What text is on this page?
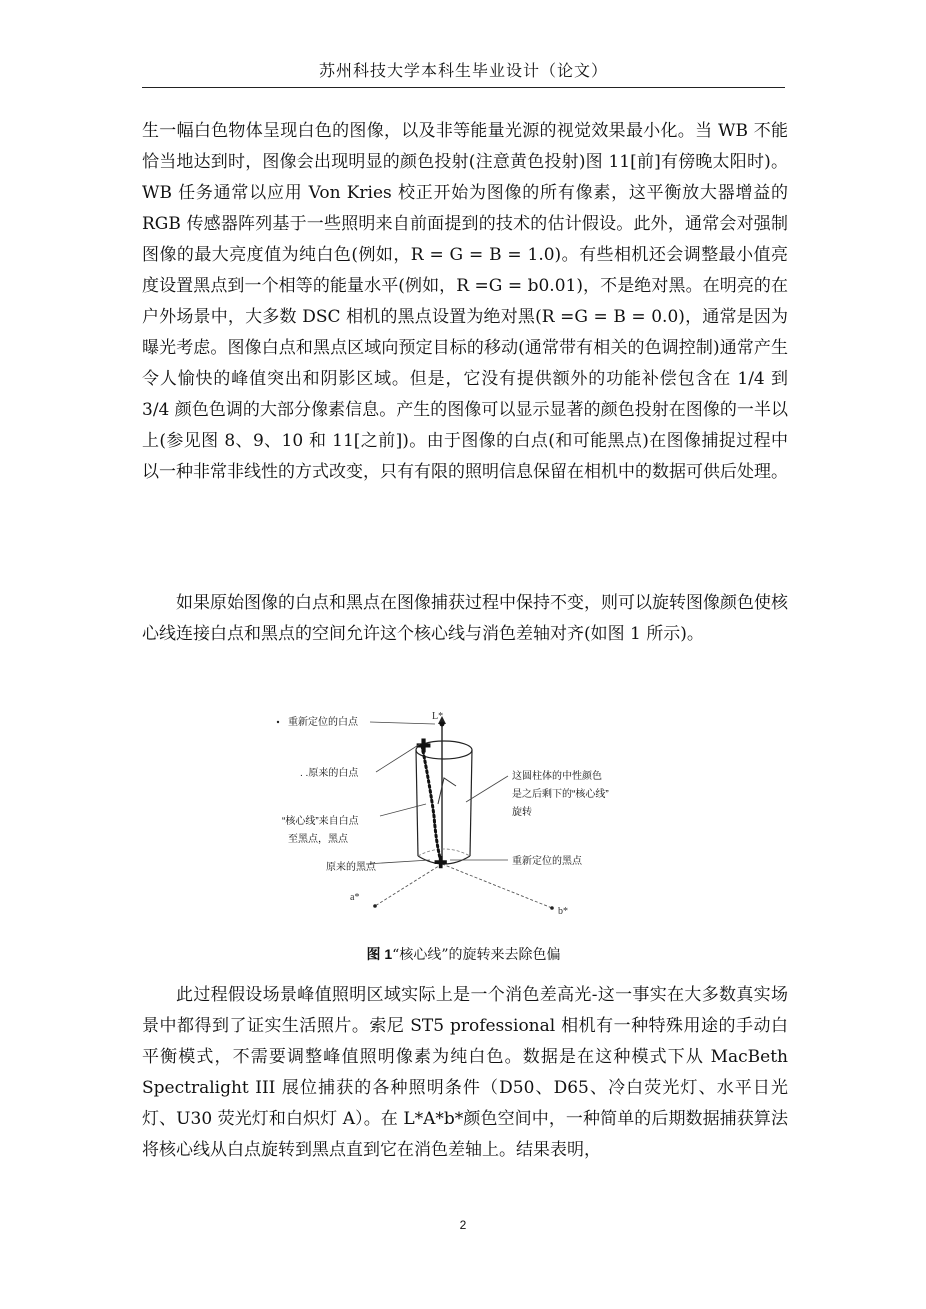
苏州科技大学本科生毕业设计（论文）
生一幅白色物体呈现白色的图像，以及非等能量光源的视觉效果最小化。当 WB 不能恰当地达到时，图像会出现明显的颜色投射(注意黄色投射)图 11[前]有傍晚太阳时)。WB 任务通常以应用 Von Kries 校正开始为图像的所有像素，这平衡放大器增益的 RGB 传感器阵列基于一些照明来自前面提到的技术的估计假设。此外，通常会对强制图像的最大亮度值为纯白色(例如，R = G = B = 1.0)。有些相机还会调整最小值亮度设置黑点到一个相等的能量水平(例如，R =G = b0.01)，不是绝对黑。在明亮的在户外场景中，大多数 DSC 相机的黑点设置为绝对黑(R =G = B = 0.0)，通常是因为曝光考虑。图像白点和黑点区域向预定目标的移动(通常带有相关的色调控制)通常产生令人愉快的峰值突出和阴影区域。但是，它没有提供额外的功能补偿包含在 1/4 到 3/4 颜色色调的大部分像素信息。产生的图像可以显示显著的颜色投射在图像的一半以上(参见图 8、9、10 和 11[之前])。由于图像的白点(和可能黑点)在图像捕捉过程中以一种非常非线性的方式改变，只有有限的照明信息保留在相机中的数据可供后处理。
如果原始图像的白点和黑点在图像捕获过程中保持不变，则可以旋转图像颜色使核心线连接白点和黑点的空间允许这个核心线与消色差轴对齐(如图 1 所示)。
✚
✚
重新定位的白点
L*
. .原来的白点
“核心线”来自白点
至黑点，黑点
原来的黑点
重新定位的黑点
这圆柱体的中性颜色
是之后剩下的“核心线”
旋转
a*
b*
图 1“核心线”的旋转来去除色偏
此过程假设场景峰值照明区域实际上是一个消色差高光-这一事实在大多数真实场景中都得到了证实生活照片。索尼 ST5 professional 相机有一种特殊用途的手动白平衡模式，不需要调整峰值照明像素为纯白色。数据是在这种模式下从 MacBeth Spectralight III 展位捕获的各种照明条件（D50、D65、冷白荧光灯、水平日光灯、U30 荧光灯和白炽灯 A）。在 L*A*b*颜色空间中，一种简单的后期数据捕获算法将核心线从白点旋转到黑点直到它在消色差轴上。结果表明，
2
